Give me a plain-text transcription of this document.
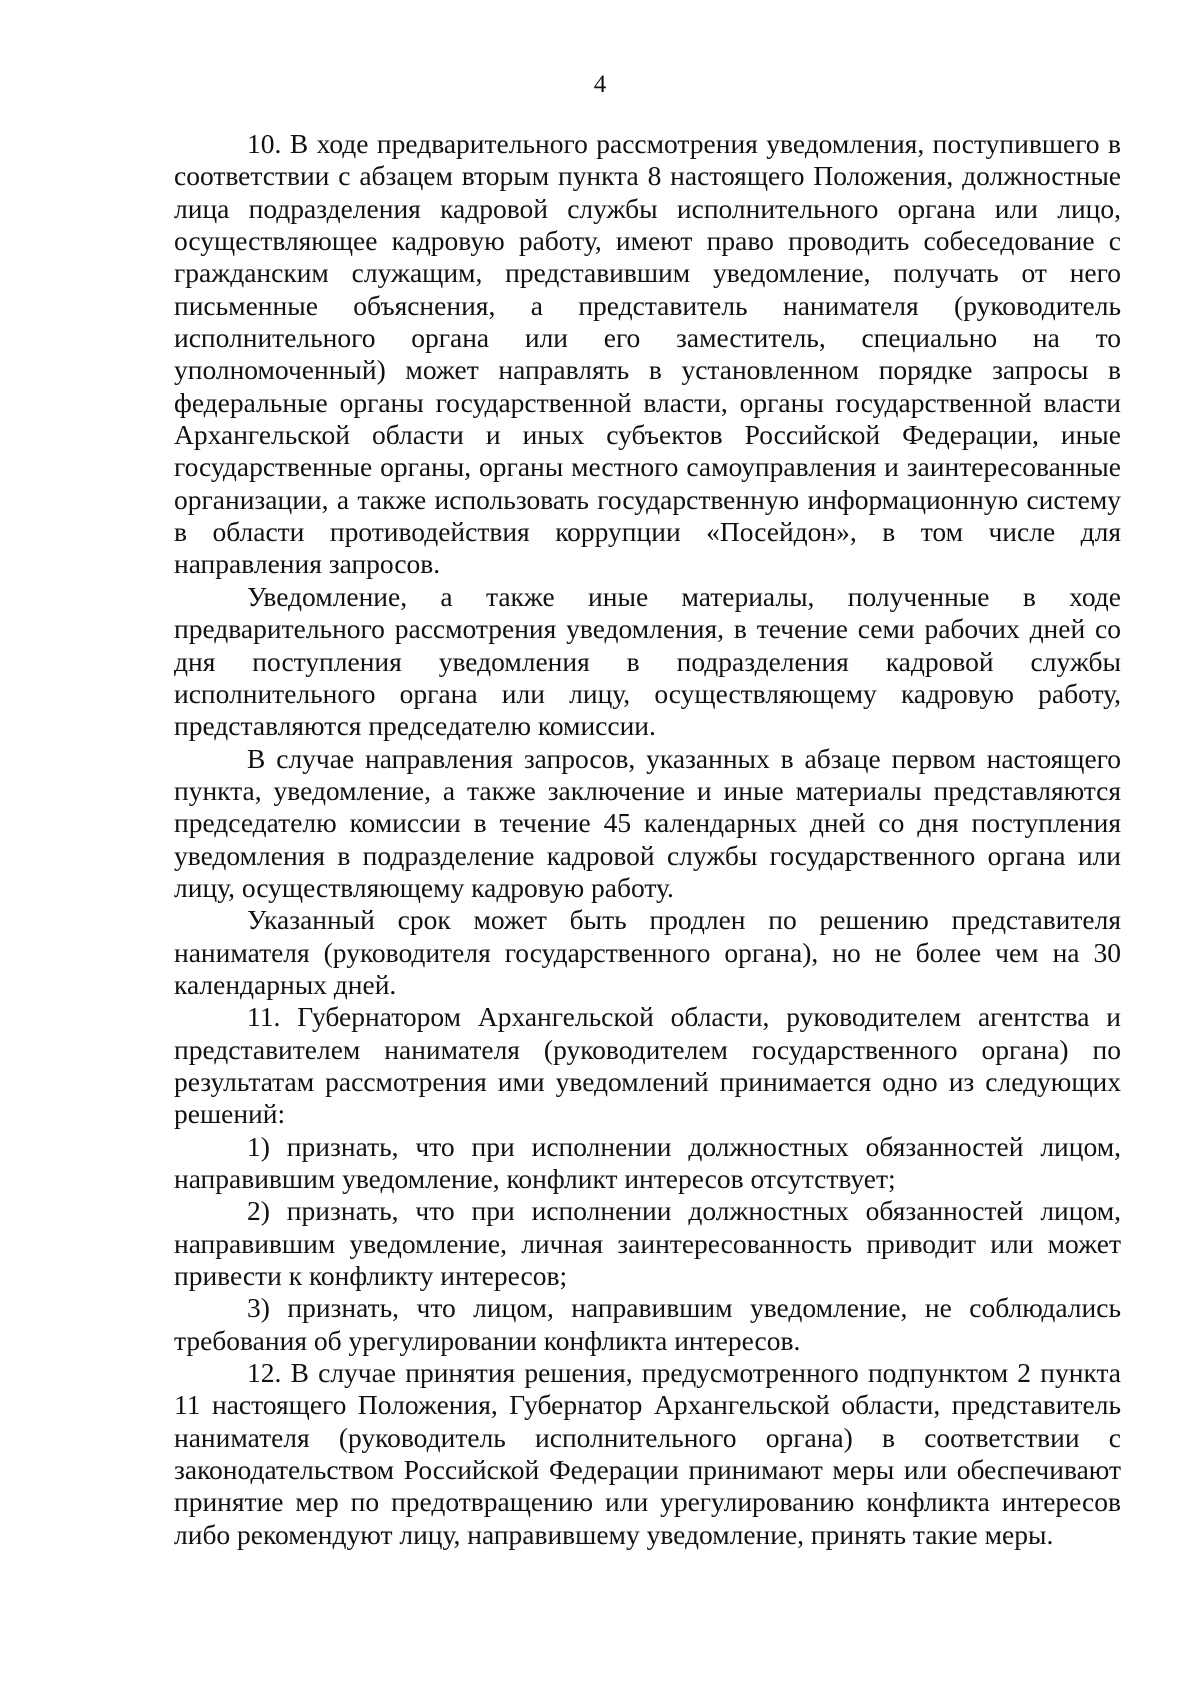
4

10. В ходе предварительного рассмотрения уведомления, поступившего в соответствии с абзацем вторым пункта 8 настоящего Положения, должностные лица подразделения кадровой службы исполнительного органа или лицо, осуществляющее кадровую работу, имеют право проводить собеседование с гражданским служащим, представившим уведомление, получать от него письменные объяснения, а представитель нанимателя (руководитель исполнительного органа или его заместитель, специально на то уполномоченный) может направлять в установленном порядке запросы в федеральные органы государственной власти, органы государственной власти Архангельской области и иных субъектов Российской Федерации, иные государственные органы, органы местного самоуправления и заинтересованные организации, а также использовать государственную информационную систему в области противодействия коррупции «Посейдон», в том числе для направления запросов.

Уведомление, а также иные материалы, полученные в ходе предварительного рассмотрения уведомления, в течение семи рабочих дней со дня поступления уведомления в подразделения кадровой службы исполнительного органа или лицу, осуществляющему кадровую работу, представляются председателю комиссии.

В случае направления запросов, указанных в абзаце первом настоящего пункта, уведомление, а также заключение и иные материалы представляются председателю комиссии в течение 45 календарных дней со дня поступления уведомления в подразделение кадровой службы государственного органа или лицу, осуществляющему кадровую работу.

Указанный срок может быть продлен по решению представителя нанимателя (руководителя государственного органа), но не более чем на 30 календарных дней.

11. Губернатором Архангельской области, руководителем агентства и представителем нанимателя (руководителем государственного органа) по результатам рассмотрения ими уведомлений принимается одно из следующих решений:

1) признать, что при исполнении должностных обязанностей лицом, направившим уведомление, конфликт интересов отсутствует;

2) признать, что при исполнении должностных обязанностей лицом, направившим уведомление, личная заинтересованность приводит или может привести к конфликту интересов;

3) признать, что лицом, направившим уведомление, не соблюдались требования об урегулировании конфликта интересов.

12. В случае принятия решения, предусмотренного подпунктом 2 пункта 11 настоящего Положения, Губернатор Архангельской области, представитель нанимателя (руководитель исполнительного органа) в соответствии с законодательством Российской Федерации принимают меры или обеспечивают принятие мер по предотвращению или урегулированию конфликта интересов либо рекомендуют лицу, направившему уведомление, принять такие меры.
